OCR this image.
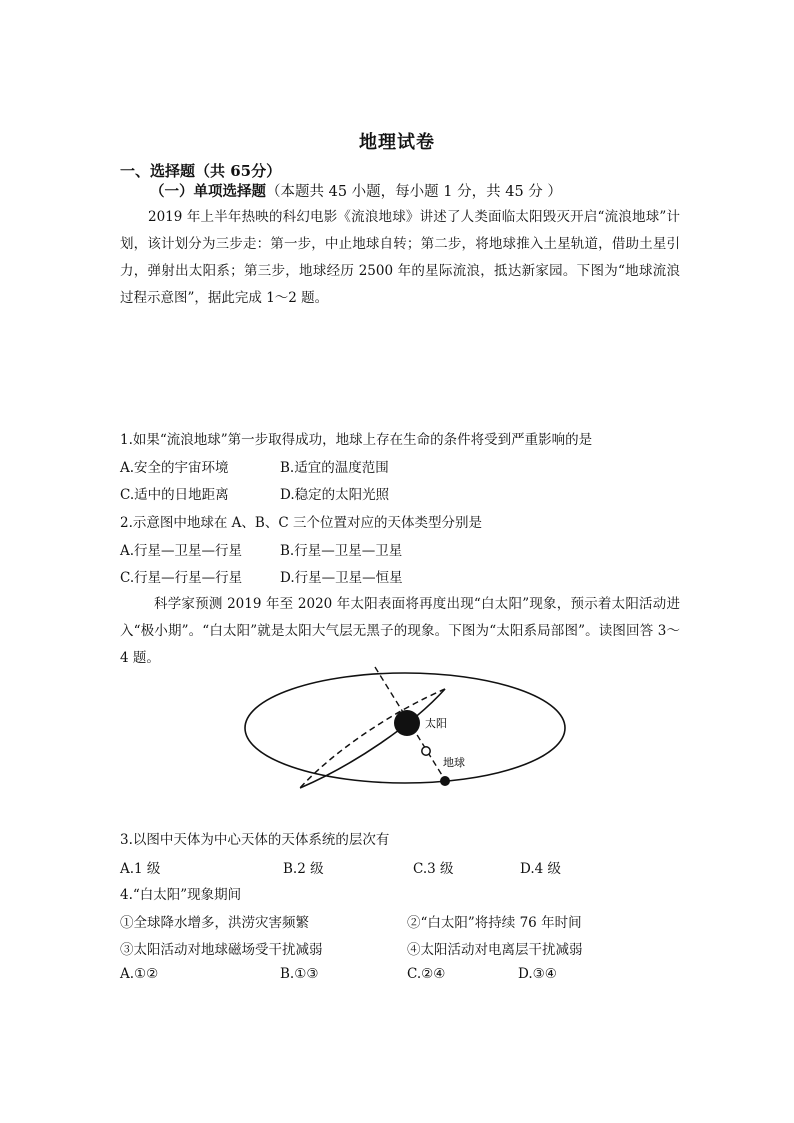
地理试卷
一、选择题（共 65分）
（一）单项选择题（本题共 45 小题，每小题 1 分，共 45 分 ）
2019 年上半年热映的科幻电影《流浪地球》讲述了人类面临太阳毁灭开启“流浪地球”计划，该计划分为三步走：第一步，中止地球自转；第二步，将地球推入土星轨道，借助土星引力，弹射出太阳系；第三步，地球经历 2500 年的星际流浪，抵达新家园。下图为“地球流浪过程示意图”，据此完成 1～2 题。
1.如果“流浪地球”第一步取得成功，地球上存在生命的条件将受到严重影响的是
A.安全的宇宙环境	B.适宜的温度范围
C.适中的日地距离	D.稳定的太阳光照
2.示意图中地球在 A、B、C 三个位置对应的天体类型分别是
A.行星—卫星—行星	B.行星—卫星—卫星
C.行星—行星—行星	D.行星—卫星—恒星
科学家预测 2019 年至 2020 年太阳表面将再度出现“白太阳”现象，预示着太阳活动进入“极小期”。“白太阳”就是太阳大气层无黑子的现象。下图为“太阳系局部图”。读图回答 3～4 题。
太阳
地球
3.以图中天体为中心天体的天体系统的层次有
A.1 级	B.2 级	C.3 级	D.4 级
4.“白太阳”现象期间
①全球降水增多，洪涝灾害频繁	②“白太阳”将持续 76 年时间
③太阳活动对地球磁场受干扰减弱	④太阳活动对电离层干扰减弱
A.①②	B.①③	C.②④	D.③④
